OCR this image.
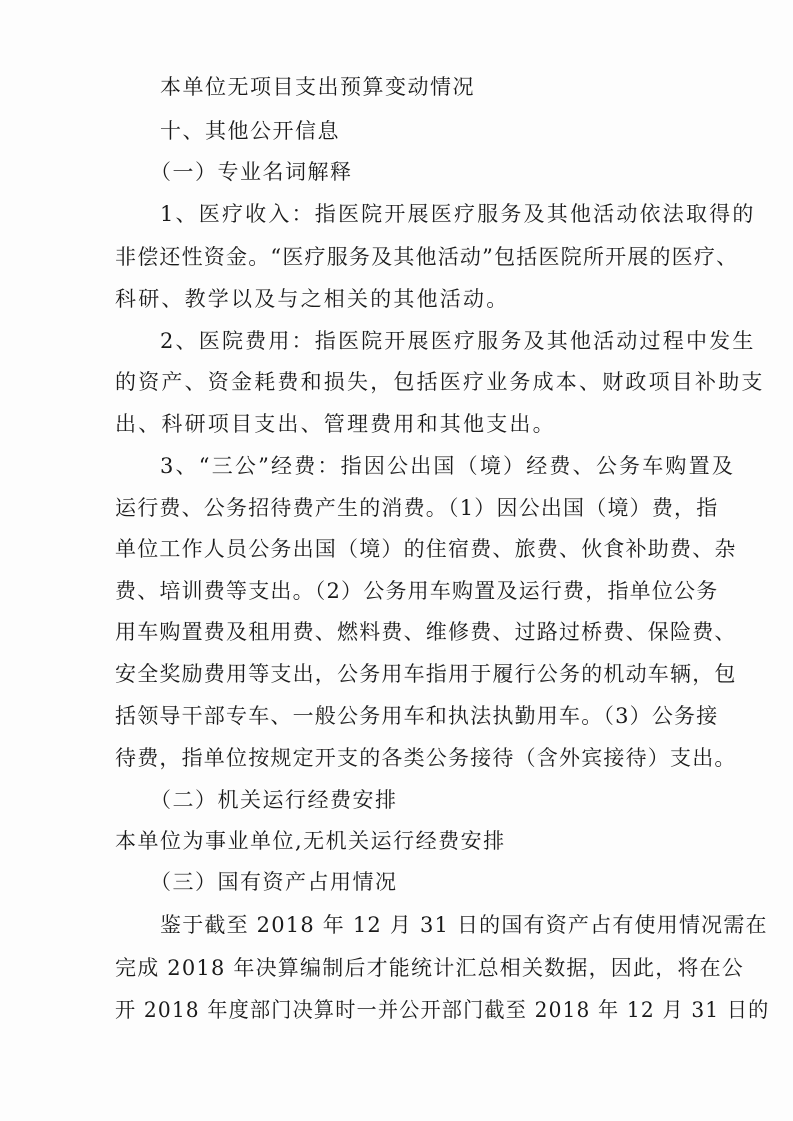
本单位无项目支出预算变动情况
十、其他公开信息
（一）专业名词解释
1、医疗收入：指医院开展医疗服务及其他活动依法取得的
非偿还性资金。“医疗服务及其他活动”包括医院所开展的医疗、
科研、教学以及与之相关的其他活动。
2、医院费用：指医院开展医疗服务及其他活动过程中发生
的资产、资金耗费和损失，包括医疗业务成本、财政项目补助支
出、科研项目支出、管理费用和其他支出。
3、“三公”经费：指因公出国（境）经费、公务车购置及
运行费、公务招待费产生的消费。（1）因公出国（境）费，指
单位工作人员公务出国（境）的住宿费、旅费、伙食补助费、杂
费、培训费等支出。（2）公务用车购置及运行费，指单位公务
用车购置费及租用费、燃料费、维修费、过路过桥费、保险费、
安全奖励费用等支出，公务用车指用于履行公务的机动车辆，包
括领导干部专车、一般公务用车和执法执勤用车。（3）公务接
待费，指单位按规定开支的各类公务接待（含外宾接待）支出。
（二）机关运行经费安排
本单位为事业单位,无机关运行经费安排
（三）国有资产占用情况
鉴于截至 2018 年 12 月 31 日的国有资产占有使用情况需在
完成 2018 年决算编制后才能统计汇总相关数据，因此，将在公
开 2018 年度部门决算时一并公开部门截至 2018 年 12 月 31 日的
